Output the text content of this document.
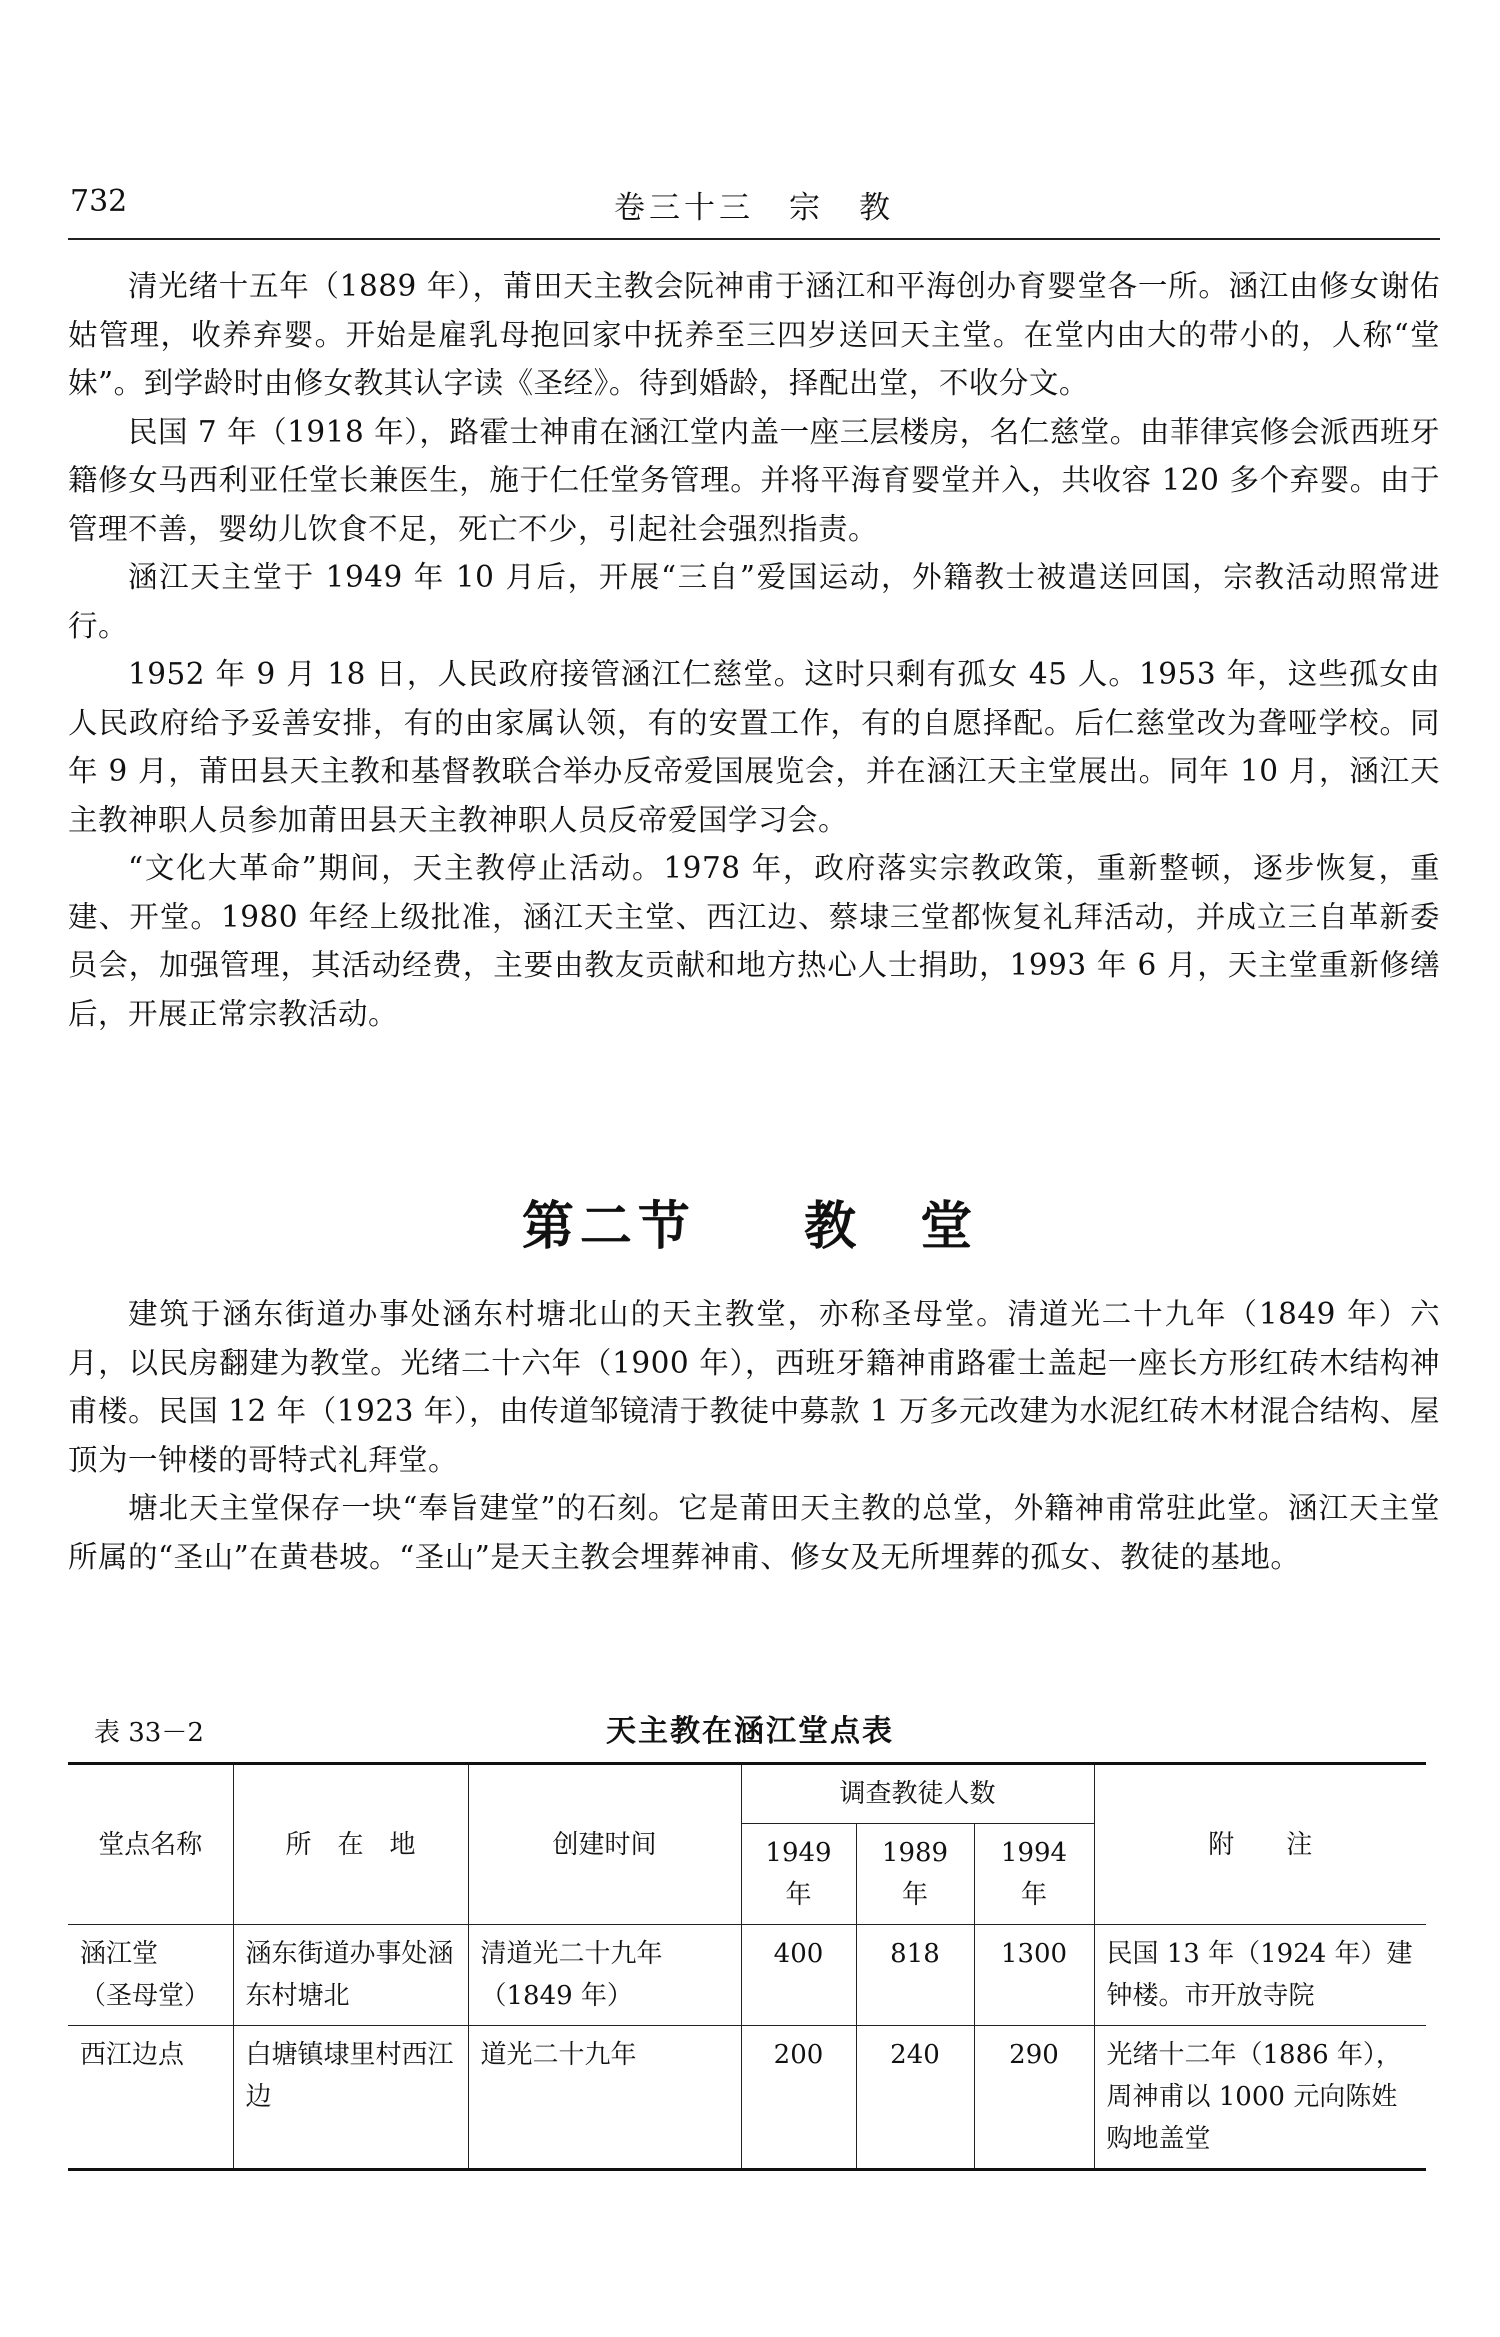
732	卷三十三　宗　教

清光绪十五年（1889 年），莆田天主教会阮神甫于涵江和平海创办育婴堂各一所。涵江由修女谢佑姑管理，收养弃婴。开始是雇乳母抱回家中抚养至三四岁送回天主堂。在堂内由大的带小的，人称“堂妹”。到学龄时由修女教其认字读《圣经》。待到婚龄，择配出堂，不收分文。

民国 7 年（1918 年），路霍士神甫在涵江堂内盖一座三层楼房，名仁慈堂。由菲律宾修会派西班牙籍修女马西利亚任堂长兼医生，施于仁任堂务管理。并将平海育婴堂并入，共收容 120 多个弃婴。由于管理不善，婴幼儿饮食不足，死亡不少，引起社会强烈指责。

涵江天主堂于 1949 年 10 月后，开展“三自”爱国运动，外籍教士被遣送回国，宗教活动照常进行。

1952 年 9 月 18 日，人民政府接管涵江仁慈堂。这时只剩有孤女 45 人。1953 年，这些孤女由人民政府给予妥善安排，有的由家属认领，有的安置工作，有的自愿择配。后仁慈堂改为聋哑学校。同年 9 月，莆田县天主教和基督教联合举办反帝爱国展览会，并在涵江天主堂展出。同年 10 月，涵江天主教神职人员参加莆田县天主教神职人员反帝爱国学习会。

“文化大革命”期间，天主教停止活动。1978 年，政府落实宗教政策，重新整顿，逐步恢复，重建、开堂。1980 年经上级批准，涵江天主堂、西江边、蔡埭三堂都恢复礼拜活动，并成立三自革新委员会，加强管理，其活动经费，主要由教友贡献和地方热心人士捐助，1993 年 6 月，天主堂重新修缮后，开展正常宗教活动。

第二节 教　堂

建筑于涵东街道办事处涵东村塘北山的天主教堂，亦称圣母堂。清道光二十九年（1849 年）六月，以民房翻建为教堂。光绪二十六年（1900 年），西班牙籍神甫路霍士盖起一座长方形红砖木结构神甫楼。民国 12 年（1923 年），由传道邹镜清于教徒中募款 1 万多元改建为水泥红砖木材混合结构、屋顶为一钟楼的哥特式礼拜堂。

塘北天主堂保存一块“奉旨建堂”的石刻。它是莆田天主教的总堂，外籍神甫常驻此堂。涵江天主堂所属的“圣山”在黄巷坡。“圣山”是天主教会埋葬神甫、修女及无所埋葬的孤女、教徒的基地。

表 33－2	天主教在涵江堂点表
堂点名称	所　在　地	创建时间	调查教徒人数			附　　注
			1949 年	1989 年	1994 年	
涵江堂
（圣母堂）	涵东街道办事处涵东村塘北	清道光二十九年（1849 年）	400	818	1300	民国 13 年（1924 年）建钟楼。市开放寺院
西江边点	白塘镇埭里村西江边	道光二十九年	200	240	290	光绪十二年（1886 年），周神甫以 1000 元向陈姓购地盖堂
